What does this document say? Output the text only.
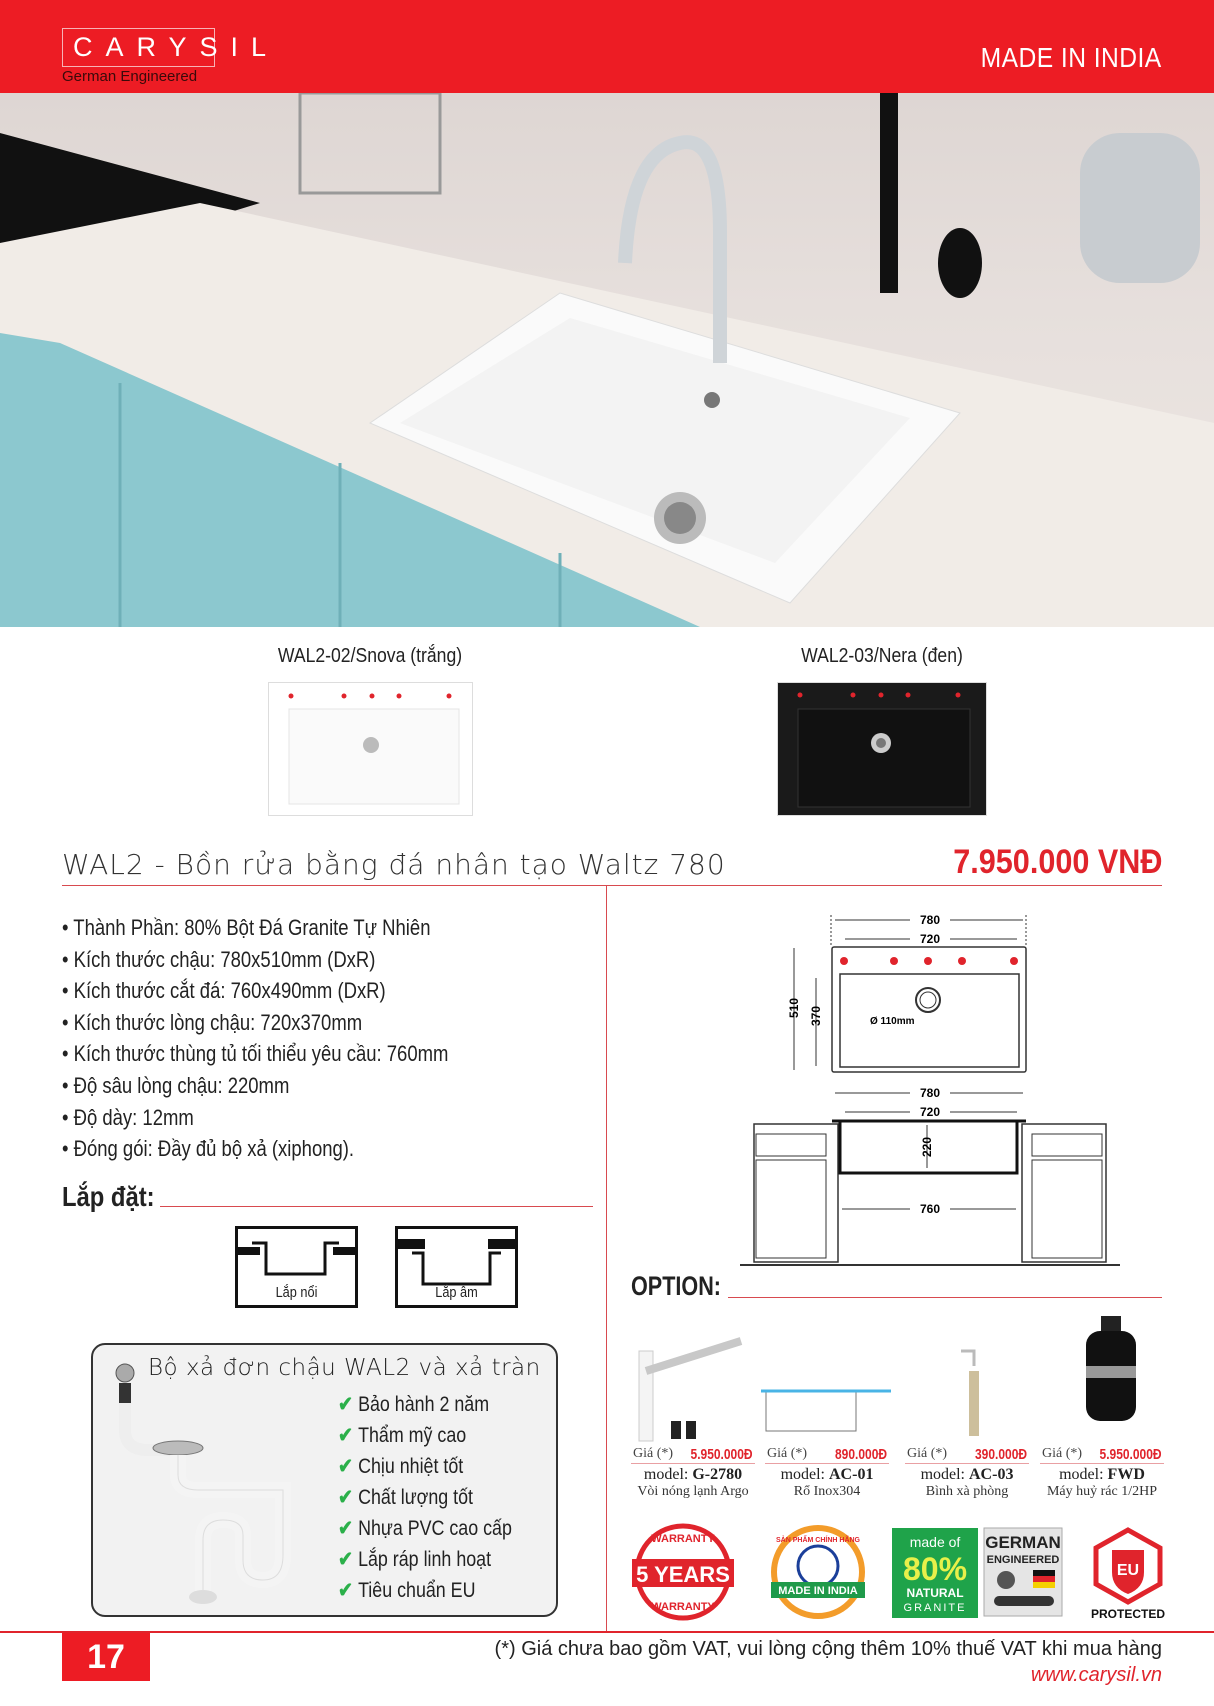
CARYSIL
German Engineered
MADE IN INDIA
WAL2-02/Snova (trắng)	WAL2-03/Nera (đen)
WAL2 - Bồn rửa bằng đá nhân tạo Waltz 780	7.950.000 VNĐ
• Thành Phần: 80% Bột Đá Granite Tự Nhiên
• Kích thước chậu: 780x510mm (DxR)
• Kích thước cắt đá: 760x490mm (DxR)
• Kích thước lòng chậu: 720x370mm
• Kích thước thùng tủ tối thiểu yêu cầu: 760mm
• Độ sâu lòng chậu: 220mm
• Độ dày: 12mm
• Đóng gói: Đầy đủ bộ xả (xiphong).
Lắp đặt:
Lắp nổi	Lắp âm
Bộ xả đơn chậu WAL2 và xả tràn
✔ Bảo hành 2 năm
✔ Thẩm mỹ cao
✔ Chịu nhiệt tốt
✔ Chất lượng tốt
✔ Nhựa PVC cao cấp
✔ Lắp ráp linh hoạt
✔ Tiêu chuẩn EU
780
720
510 370	Ø 110mm
780
720
220
760
OPTION:
Giá (*) 5.950.000Đ
model: G-2780
Vòi nóng lạnh Argo
Giá (*) 890.000Đ
model: AC-01
Rổ Inox304
Giá (*) 390.000Đ
model: AC-03
Bình xà phòng
Giá (*) 5.950.000Đ
model: FWD
Máy huỷ rác 1/2HP
WARRANTY
5 YEARS
WARRANTY
SẢN PHẨM CHÍNH HÃNG
MADE IN INDIA
made of
80%
NATURAL
GRANITE
GERMAN
ENGINEERED
EU
PROTECTED
17	(*) Giá chưa bao gồm VAT, vui lòng cộng thêm 10% thuế VAT khi mua hàng
www.carysil.vn
